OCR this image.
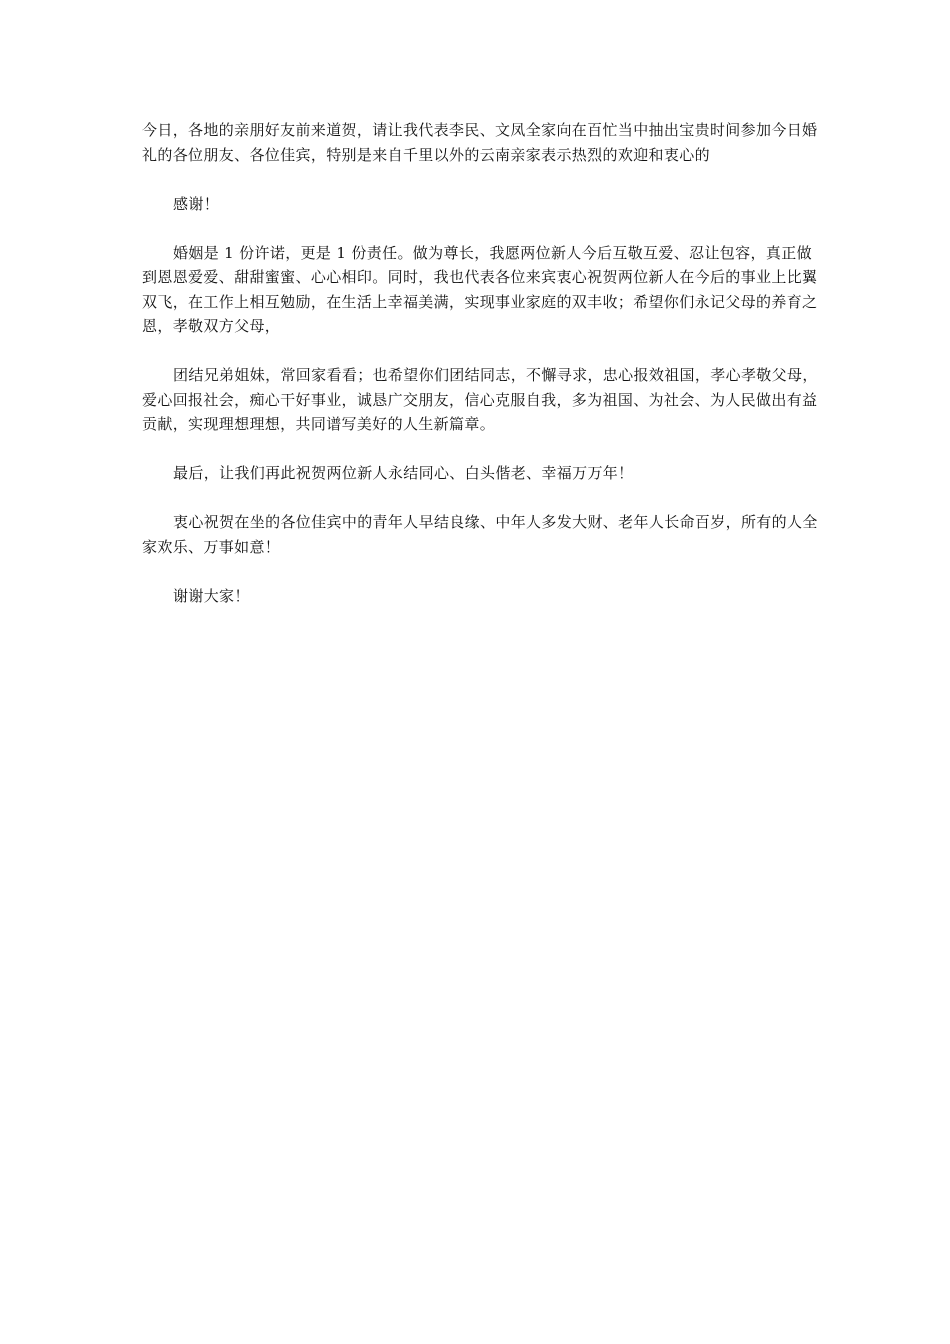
今日，各地的亲朋好友前来道贺，请让我代表李民、文凤全家向在百忙当中抽出宝贵时间参加今日婚礼的各位朋友、各位佳宾，特别是来自千里以外的云南亲家表示热烈的欢迎和衷心的

感谢！

婚姻是 1 份许诺，更是 1 份责任。做为尊长，我愿两位新人今后互敬互爱、忍让包容，真正做到恩恩爱爱、甜甜蜜蜜、心心相印。同时，我也代表各位来宾衷心祝贺两位新人在今后的事业上比翼双飞，在工作上相互勉励，在生活上幸福美满，实现事业家庭的双丰收；希望你们永记父母的养育之恩，孝敬双方父母，

团结兄弟姐妹，常回家看看；也希望你们团结同志，不懈寻求，忠心报效祖国，孝心孝敬父母，爱心回报社会，痴心干好事业，诚恳广交朋友，信心克服自我，多为祖国、为社会、为人民做出有益贡献，实现理想理想，共同谱写美好的人生新篇章。

最后，让我们再此祝贺两位新人永结同心、白头偕老、幸福万万年！

衷心祝贺在坐的各位佳宾中的青年人早结良缘、中年人多发大财、老年人长命百岁，所有的人全家欢乐、万事如意！

谢谢大家！
